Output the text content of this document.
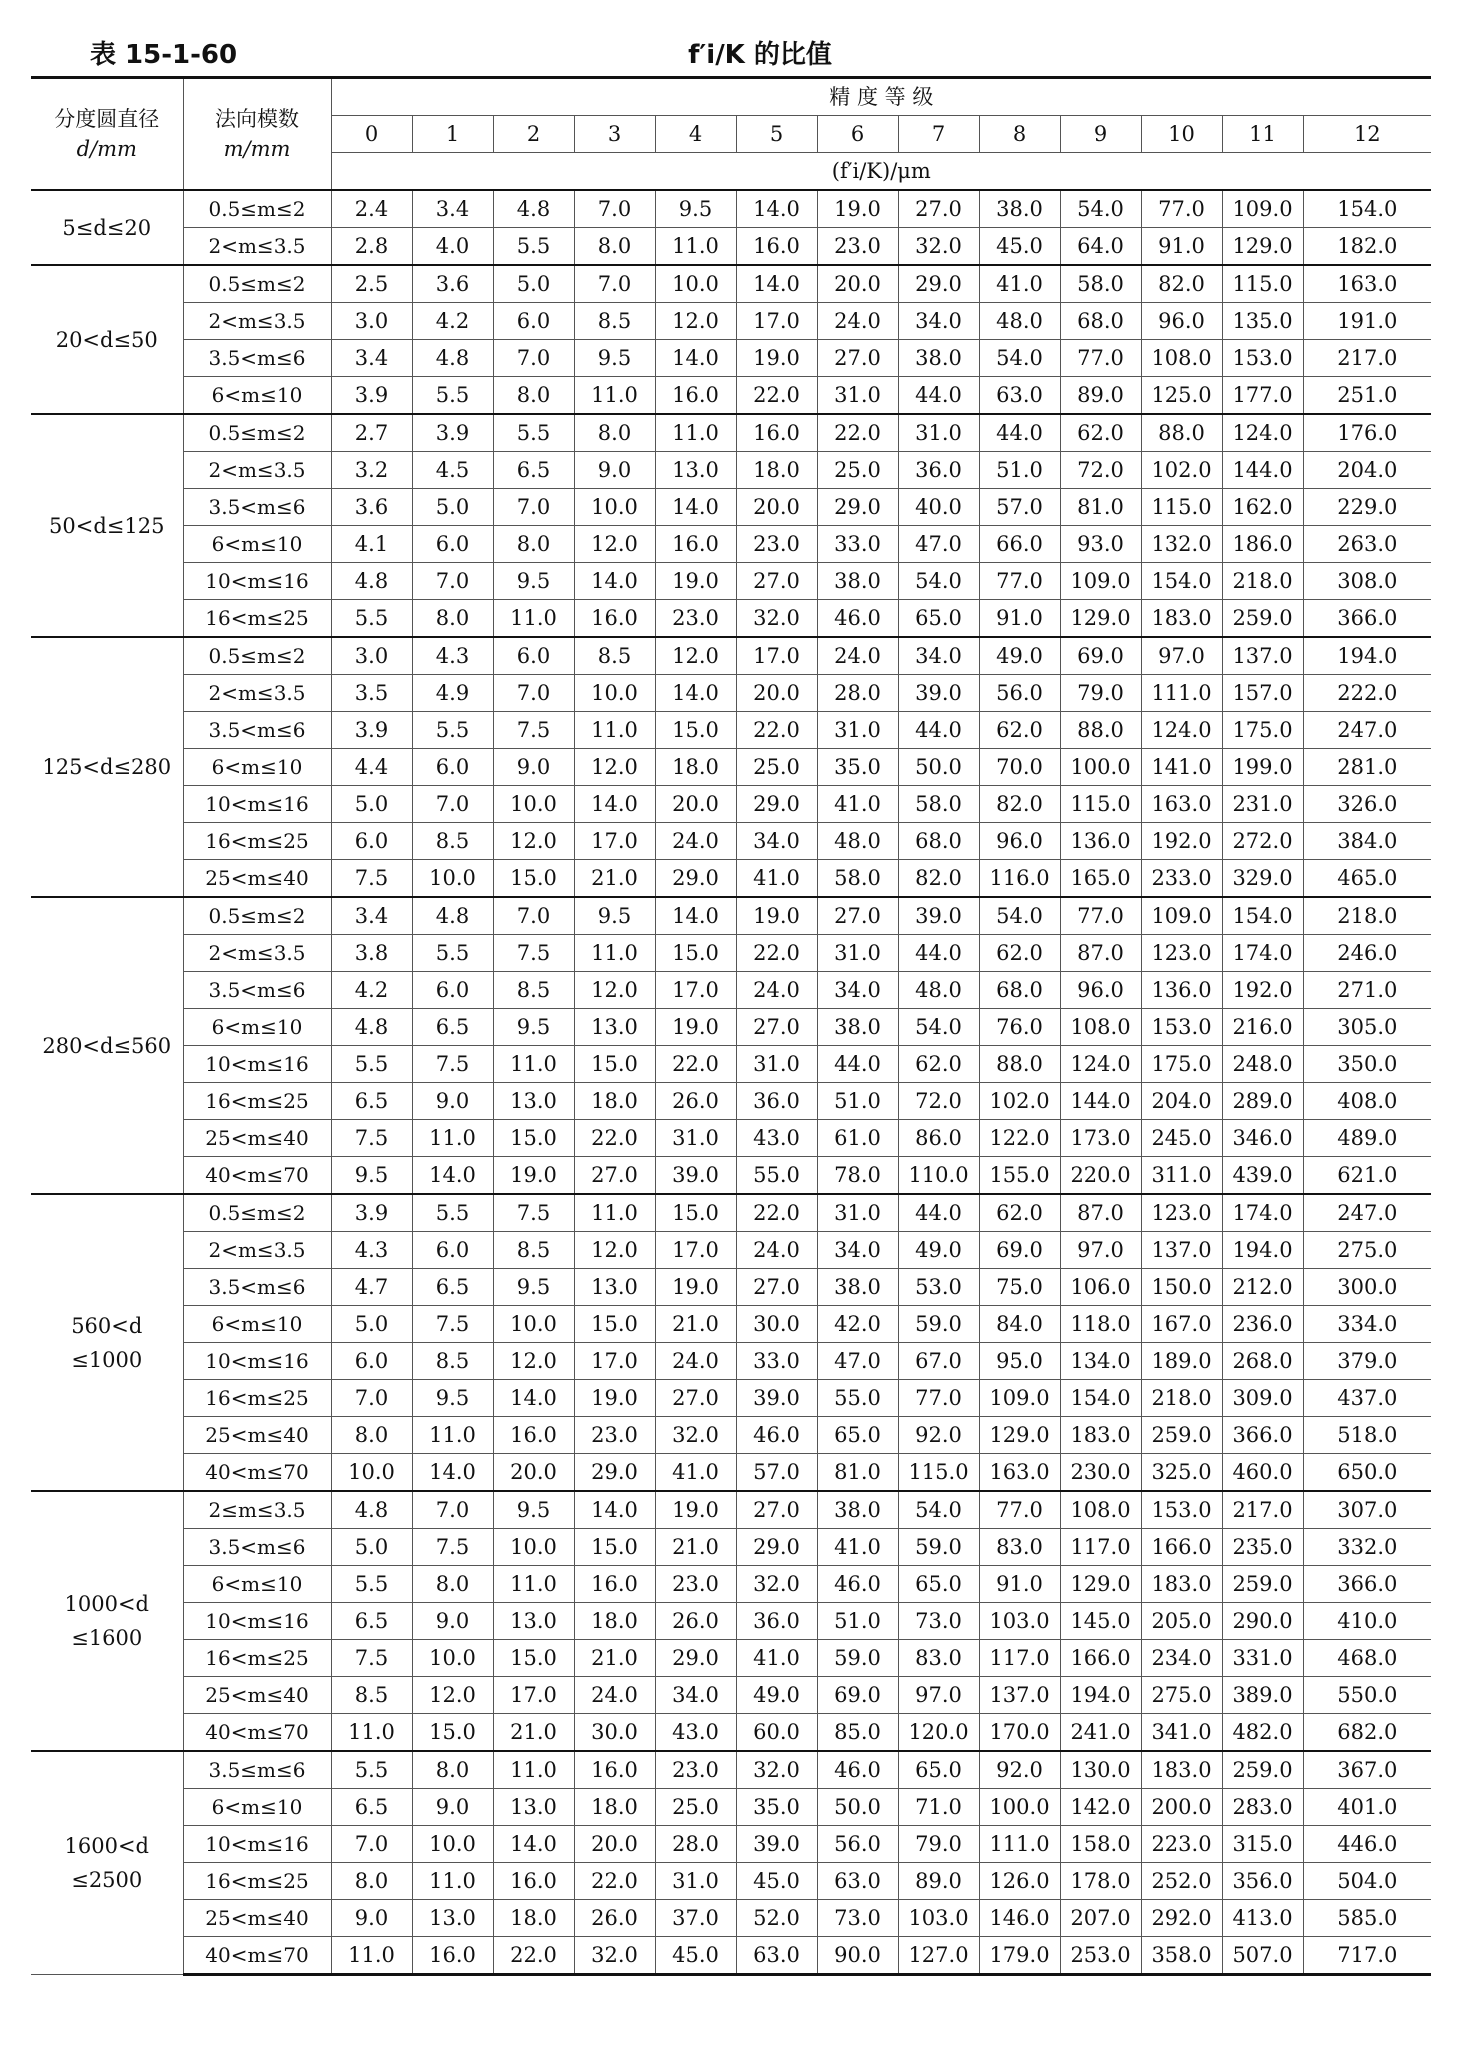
表 15-1-60	f′i/K 的比值
分度圆直径
d/mm	法向模数
m/mm	精 度 等 级												
		0	1	2	3	4	5	6	7	8	9	10	11	12
		(f′i/K)/μm												
5≤d≤20	0.5≤m≤2	2.4	3.4	4.8	7.0	9.5	14.0	19.0	27.0	38.0	54.0	77.0	109.0	154.0
	2<m≤3.5	2.8	4.0	5.5	8.0	11.0	16.0	23.0	32.0	45.0	64.0	91.0	129.0	182.0
20<d≤50	0.5≤m≤2	2.5	3.6	5.0	7.0	10.0	14.0	20.0	29.0	41.0	58.0	82.0	115.0	163.0
	2<m≤3.5	3.0	4.2	6.0	8.5	12.0	17.0	24.0	34.0	48.0	68.0	96.0	135.0	191.0
	3.5<m≤6	3.4	4.8	7.0	9.5	14.0	19.0	27.0	38.0	54.0	77.0	108.0	153.0	217.0
	6<m≤10	3.9	5.5	8.0	11.0	16.0	22.0	31.0	44.0	63.0	89.0	125.0	177.0	251.0
50<d≤125	0.5≤m≤2	2.7	3.9	5.5	8.0	11.0	16.0	22.0	31.0	44.0	62.0	88.0	124.0	176.0
	2<m≤3.5	3.2	4.5	6.5	9.0	13.0	18.0	25.0	36.0	51.0	72.0	102.0	144.0	204.0
	3.5<m≤6	3.6	5.0	7.0	10.0	14.0	20.0	29.0	40.0	57.0	81.0	115.0	162.0	229.0
	6<m≤10	4.1	6.0	8.0	12.0	16.0	23.0	33.0	47.0	66.0	93.0	132.0	186.0	263.0
	10<m≤16	4.8	7.0	9.5	14.0	19.0	27.0	38.0	54.0	77.0	109.0	154.0	218.0	308.0
	16<m≤25	5.5	8.0	11.0	16.0	23.0	32.0	46.0	65.0	91.0	129.0	183.0	259.0	366.0
125<d≤280	0.5≤m≤2	3.0	4.3	6.0	8.5	12.0	17.0	24.0	34.0	49.0	69.0	97.0	137.0	194.0
	2<m≤3.5	3.5	4.9	7.0	10.0	14.0	20.0	28.0	39.0	56.0	79.0	111.0	157.0	222.0
	3.5<m≤6	3.9	5.5	7.5	11.0	15.0	22.0	31.0	44.0	62.0	88.0	124.0	175.0	247.0
	6<m≤10	4.4	6.0	9.0	12.0	18.0	25.0	35.0	50.0	70.0	100.0	141.0	199.0	281.0
	10<m≤16	5.0	7.0	10.0	14.0	20.0	29.0	41.0	58.0	82.0	115.0	163.0	231.0	326.0
	16<m≤25	6.0	8.5	12.0	17.0	24.0	34.0	48.0	68.0	96.0	136.0	192.0	272.0	384.0
	25<m≤40	7.5	10.0	15.0	21.0	29.0	41.0	58.0	82.0	116.0	165.0	233.0	329.0	465.0
280<d≤560	0.5≤m≤2	3.4	4.8	7.0	9.5	14.0	19.0	27.0	39.0	54.0	77.0	109.0	154.0	218.0
	2<m≤3.5	3.8	5.5	7.5	11.0	15.0	22.0	31.0	44.0	62.0	87.0	123.0	174.0	246.0
	3.5<m≤6	4.2	6.0	8.5	12.0	17.0	24.0	34.0	48.0	68.0	96.0	136.0	192.0	271.0
	6<m≤10	4.8	6.5	9.5	13.0	19.0	27.0	38.0	54.0	76.0	108.0	153.0	216.0	305.0
	10<m≤16	5.5	7.5	11.0	15.0	22.0	31.0	44.0	62.0	88.0	124.0	175.0	248.0	350.0
	16<m≤25	6.5	9.0	13.0	18.0	26.0	36.0	51.0	72.0	102.0	144.0	204.0	289.0	408.0
	25<m≤40	7.5	11.0	15.0	22.0	31.0	43.0	61.0	86.0	122.0	173.0	245.0	346.0	489.0
	40<m≤70	9.5	14.0	19.0	27.0	39.0	55.0	78.0	110.0	155.0	220.0	311.0	439.0	621.0
560<d ≤1000	0.5≤m≤2	3.9	5.5	7.5	11.0	15.0	22.0	31.0	44.0	62.0	87.0	123.0	174.0	247.0
	2<m≤3.5	4.3	6.0	8.5	12.0	17.0	24.0	34.0	49.0	69.0	97.0	137.0	194.0	275.0
	3.5<m≤6	4.7	6.5	9.5	13.0	19.0	27.0	38.0	53.0	75.0	106.0	150.0	212.0	300.0
	6<m≤10	5.0	7.5	10.0	15.0	21.0	30.0	42.0	59.0	84.0	118.0	167.0	236.0	334.0
	10<m≤16	6.0	8.5	12.0	17.0	24.0	33.0	47.0	67.0	95.0	134.0	189.0	268.0	379.0
	16<m≤25	7.0	9.5	14.0	19.0	27.0	39.0	55.0	77.0	109.0	154.0	218.0	309.0	437.0
	25<m≤40	8.0	11.0	16.0	23.0	32.0	46.0	65.0	92.0	129.0	183.0	259.0	366.0	518.0
	40<m≤70	10.0	14.0	20.0	29.0	41.0	57.0	81.0	115.0	163.0	230.0	325.0	460.0	650.0
1000<d ≤1600	2≤m≤3.5	4.8	7.0	9.5	14.0	19.0	27.0	38.0	54.0	77.0	108.0	153.0	217.0	307.0
	3.5<m≤6	5.0	7.5	10.0	15.0	21.0	29.0	41.0	59.0	83.0	117.0	166.0	235.0	332.0
	6<m≤10	5.5	8.0	11.0	16.0	23.0	32.0	46.0	65.0	91.0	129.0	183.0	259.0	366.0
	10<m≤16	6.5	9.0	13.0	18.0	26.0	36.0	51.0	73.0	103.0	145.0	205.0	290.0	410.0
	16<m≤25	7.5	10.0	15.0	21.0	29.0	41.0	59.0	83.0	117.0	166.0	234.0	331.0	468.0
	25<m≤40	8.5	12.0	17.0	24.0	34.0	49.0	69.0	97.0	137.0	194.0	275.0	389.0	550.0
	40<m≤70	11.0	15.0	21.0	30.0	43.0	60.0	85.0	120.0	170.0	241.0	341.0	482.0	682.0
1600<d ≤2500	3.5≤m≤6	5.5	8.0	11.0	16.0	23.0	32.0	46.0	65.0	92.0	130.0	183.0	259.0	367.0
	6<m≤10	6.5	9.0	13.0	18.0	25.0	35.0	50.0	71.0	100.0	142.0	200.0	283.0	401.0
	10<m≤16	7.0	10.0	14.0	20.0	28.0	39.0	56.0	79.0	111.0	158.0	223.0	315.0	446.0
	16<m≤25	8.0	11.0	16.0	22.0	31.0	45.0	63.0	89.0	126.0	178.0	252.0	356.0	504.0
	25<m≤40	9.0	13.0	18.0	26.0	37.0	52.0	73.0	103.0	146.0	207.0	292.0	413.0	585.0
	40<m≤70	11.0	16.0	22.0	32.0	45.0	63.0	90.0	127.0	179.0	253.0	358.0	507.0	717.0
